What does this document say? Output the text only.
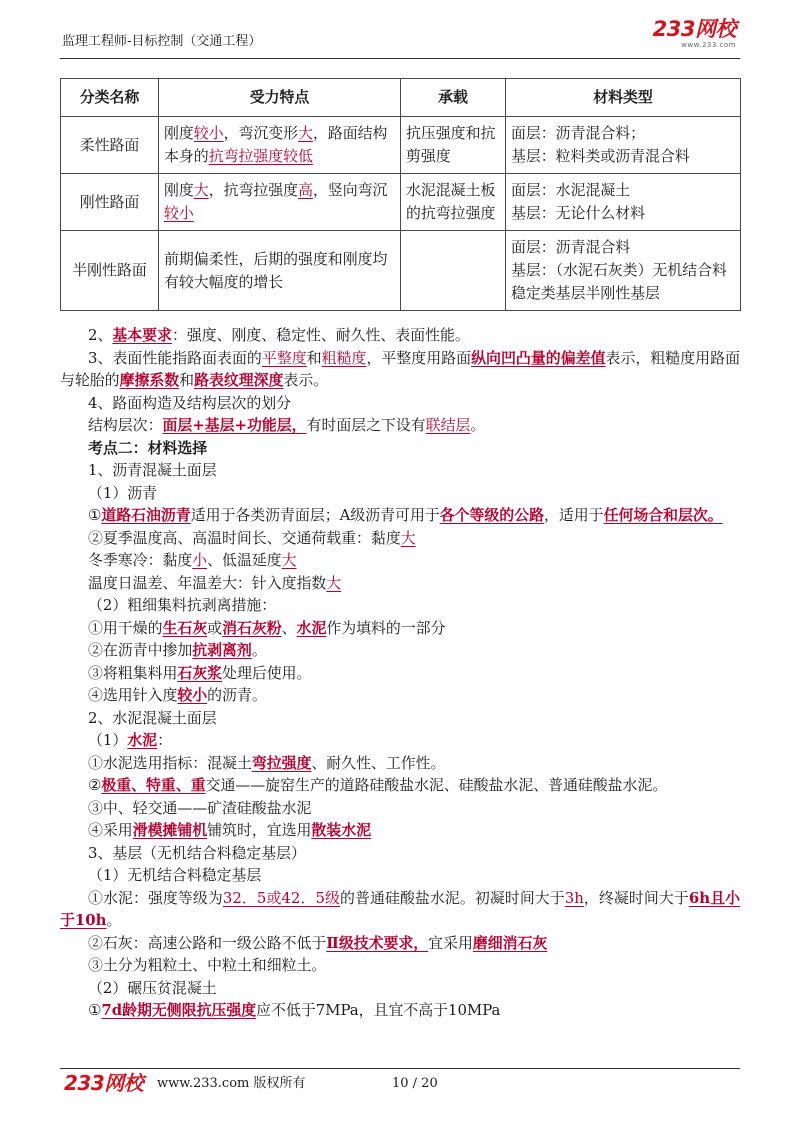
监理工程师-目标控制（交通工程）
233网校
www.233.com
分类名称	受力特点	承载	材料类型
柔性路面	刚度较小，弯沉变形大，路面结构本身的抗弯拉强度较低	抗压强度和抗剪强度	面层：沥青混合料；
基层：粒料类或沥青混合料

刚性路面	刚度大，抗弯拉强度高，竖向弯沉较小	水泥混凝土板的抗弯拉强度	面层：水泥混凝土
基层：无论什么材料

半刚性路面	前期偏柔性，后期的强度和刚度均有较大幅度的增长		面层：沥青混合料
基层：（水泥石灰类）无机结合料稳定类基层半刚性基层

2、基本要求：强度、刚度、稳定性、耐久性、表面性能。

3、表面性能指路面表面的平整度和粗糙度，平整度用路面纵向凹凸量的偏差值表示，粗糙度用路面与轮胎的摩擦系数和路表纹理深度表示。

4、路面构造及结构层次的划分

结构层次：面层+基层+功能层，有时面层之下设有联结层。

考点二：材料选择

1、沥青混凝土面层

（1）沥青

①道路石油沥青适用于各类沥青面层；A级沥青可用于各个等级的公路，适用于任何场合和层次。

②夏季温度高、高温时间长、交通荷载重：黏度大

冬季寒冷：黏度小、低温延度大

温度日温差、年温差大：针入度指数大

（2）粗细集料抗剥离措施：

①用干燥的生石灰或消石灰粉、水泥作为填料的一部分

②在沥青中掺加抗剥离剂。

③将粗集料用石灰浆处理后使用。

④选用针入度较小的沥青。

2、水泥混凝土面层

（1）水泥：

①水泥选用指标：混凝土弯拉强度、耐久性、工作性。

②极重、特重、重交通——旋窑生产的道路硅酸盐水泥、硅酸盐水泥、普通硅酸盐水泥。

③中、轻交通——矿渣硅酸盐水泥

④采用滑模摊铺机铺筑时，宜选用散装水泥

3、基层（无机结合料稳定基层）

（1）无机结合料稳定基层

①水泥：强度等级为32．5或42．5级的普通硅酸盐水泥。初凝时间大于3h，终凝时间大于6h且小于10h。

②石灰：高速公路和一级公路不低于Ⅱ级技术要求，宜采用磨细消石灰

③土分为粗粒土、中粒土和细粒土。

（2）碾压贫混凝土

①7d龄期无侧限抗压强度应不低于7MPa，且宜不高于10MPa

233网校 www.233.com 版权所有	10 / 20
